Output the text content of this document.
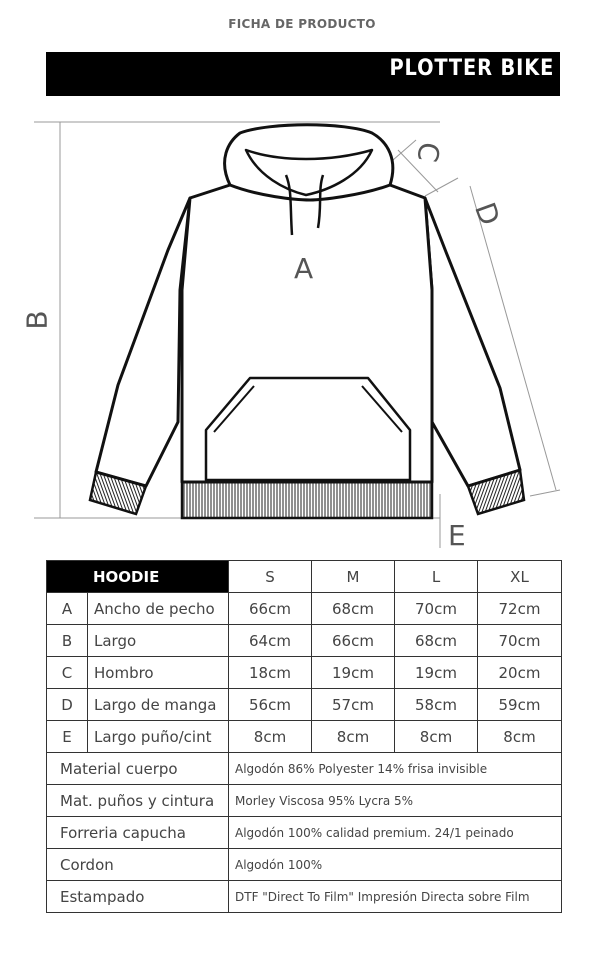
FICHA DE PRODUCTO
PLOTTER BIKE
A
B
C
D
E
HOODIE		S	M	L	XL
A	Ancho de pecho	66cm	68cm	70cm	72cm
B	Largo	64cm	66cm	68cm	70cm
C	Hombro	18cm	19cm	19cm	20cm
D	Largo de manga	56cm	57cm	58cm	59cm
E	Largo puño/cint	8cm	8cm	8cm	8cm
Material cuerpo		Algodón 86% Polyester 14% frisa invisible			
Mat. puños y cintura		Morley Viscosa 95% Lycra 5%			
Forreria capucha		Algodón 100% calidad premium. 24/1 peinado			
Cordon		Algodón 100%			
Estampado		DTF "Direct To Film" Impresión Directa sobre Film			
